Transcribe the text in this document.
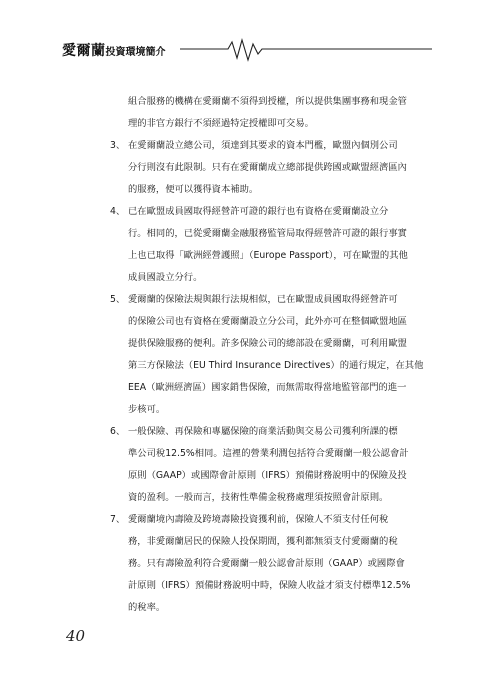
愛爾蘭投資環境簡介
組合服務的機構在愛爾蘭不須得到授權，所以提供集團事務和現金管
理的非官方銀行不須經過特定授權即可交易。
3、 在愛爾蘭設立總公司，須達到其要求的資本門檻，歐盟內個別公司
分行則沒有此限制。只有在愛爾蘭成立總部提供跨國或歐盟經濟區內
的服務，便可以獲得資本補助。
4、 已在歐盟成員國取得經營許可證的銀行也有資格在愛爾蘭設立分
行。相同的，已從愛爾蘭金融服務監管局取得經營許可證的銀行事實
上也已取得「歐洲經營護照」（Europe Passport），可在歐盟的其他
成員國設立分行。
5、 愛爾蘭的保險法規與銀行法規相似，已在歐盟成員國取得經營許可
的保險公司也有資格在愛爾蘭設立分公司，此外亦可在整個歐盟地區
提供保險服務的便利。許多保險公司的總部設在愛爾蘭，可利用歐盟
第三方保險法（EU Third Insurance Directives）的通行規定，在其他
EEA（歐洲經濟區）國家銷售保險，而無需取得當地監管部門的進一
步核可。
6、 一般保險、再保險和專屬保險的商業活動與交易公司獲利所課的標
準公司稅12.5%相同。這裡的營業利潤包括符合愛爾蘭一般公認會計
原則（GAAP）或國際會計原則（IFRS）預備財務說明中的保險及投
資的盈利。一般而言，技術性準備金稅務處理須按照會計原則。
7、 愛爾蘭境內壽險及跨境壽險投資獲利前，保險人不須支付任何稅
務，非愛爾蘭居民的保險人投保期間，獲利都無須支付愛爾蘭的稅
務。只有壽險盈利符合愛爾蘭一般公認會計原則（GAAP）或國際會
計原則（IFRS）預備財務說明中時，保險人收益才須支付標準12.5%
的稅率。
40
